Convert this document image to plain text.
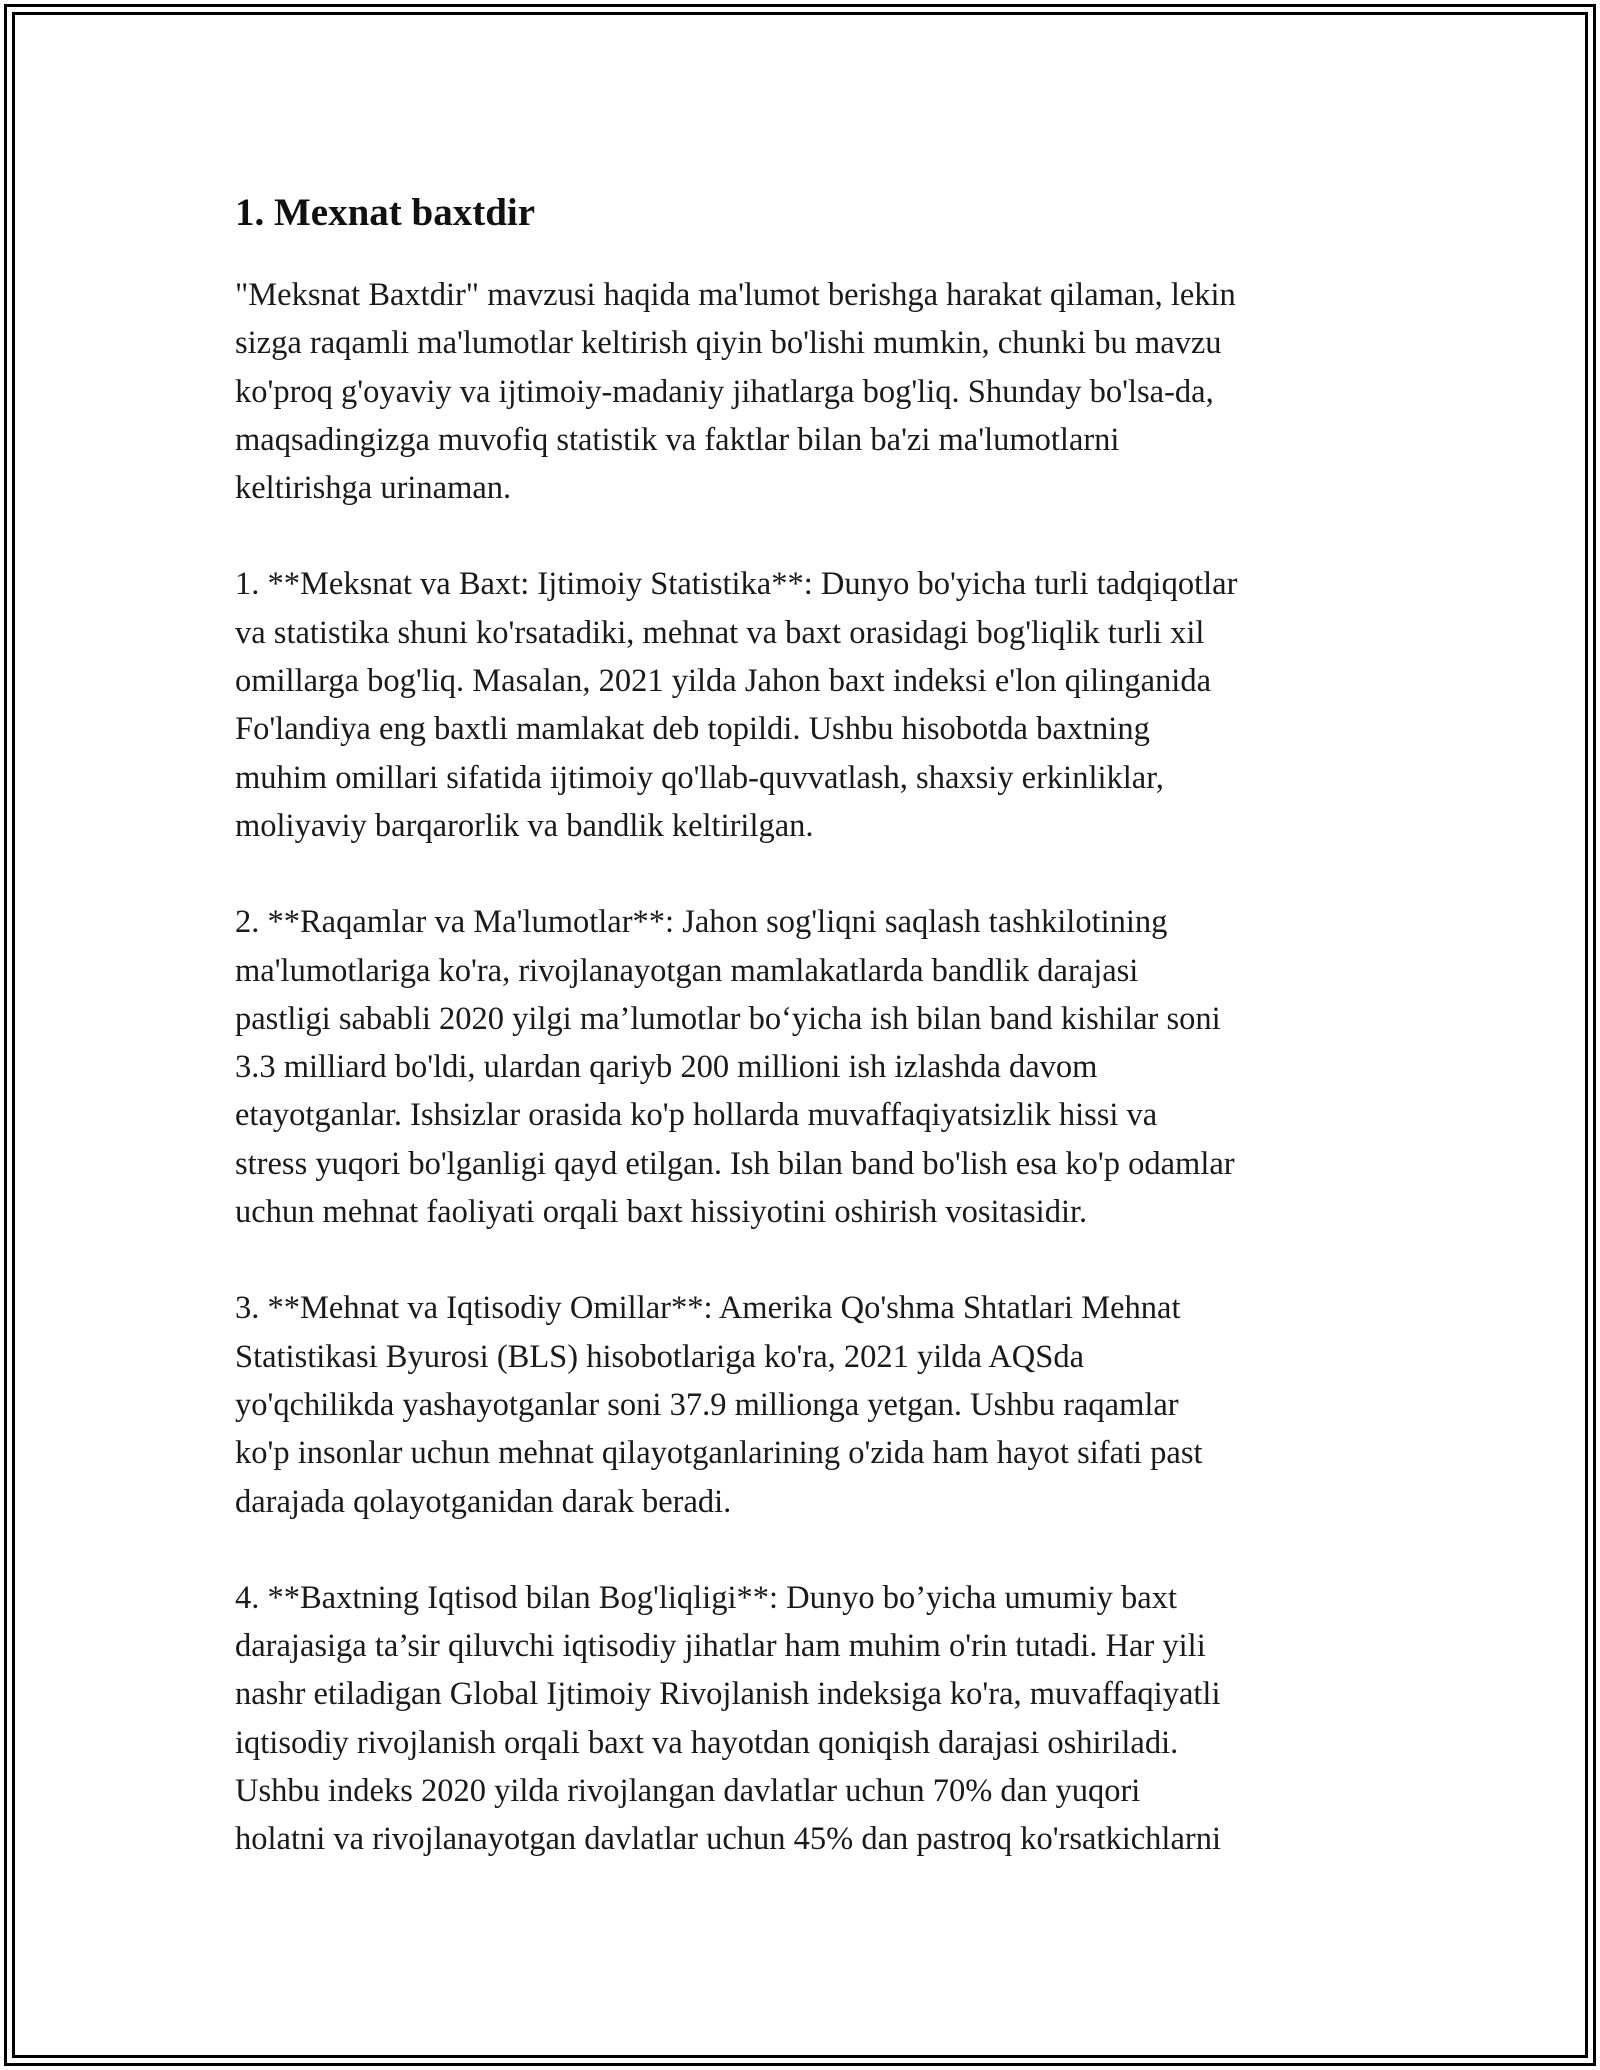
1. Mexnat baxtdir

"Meksnat Baxtdir" mavzusi haqida ma'lumot berishga harakat qilaman, lekin
sizga raqamli ma'lumotlar keltirish qiyin bo'lishi mumkin, chunki bu mavzu
ko'proq g'oyaviy va ijtimoiy-madaniy jihatlarga bog'liq. Shunday bo'lsa-da,
maqsadingizga muvofiq statistik va faktlar bilan ba'zi ma'lumotlarni
keltirishga urinaman.

1. **Meksnat va Baxt: Ijtimoiy Statistika**: Dunyo bo'yicha turli tadqiqotlar
va statistika shuni ko'rsatadiki, mehnat va baxt orasidagi bog'liqlik turli xil
omillarga bog'liq. Masalan, 2021 yilda Jahon baxt indeksi e'lon qilinganida
Fo'landiya eng baxtli mamlakat deb topildi. Ushbu hisobotda baxtning
muhim omillari sifatida ijtimoiy qo'llab-quvvatlash, shaxsiy erkinliklar,
moliyaviy barqarorlik va bandlik keltirilgan.

2. **Raqamlar va Ma'lumotlar**: Jahon sog'liqni saqlash tashkilotining
ma'lumotlariga ko'ra, rivojlanayotgan mamlakatlarda bandlik darajasi
pastligi sababli 2020 yilgi ma’lumotlar bo‘yicha ish bilan band kishilar soni
3.3 milliard bo'ldi, ulardan qariyb 200 millioni ish izlashda davom
etayotganlar. Ishsizlar orasida ko'p hollarda muvaffaqiyatsizlik hissi va
stress yuqori bo'lganligi qayd etilgan. Ish bilan band bo'lish esa ko'p odamlar
uchun mehnat faoliyati orqali baxt hissiyotini oshirish vositasidir.

3. **Mehnat va Iqtisodiy Omillar**: Amerika Qo'shma Shtatlari Mehnat
Statistikasi Byurosi (BLS) hisobotlariga ko'ra, 2021 yilda AQSda
yo'qchilikda yashayotganlar soni 37.9 millionga yetgan. Ushbu raqamlar
ko'p insonlar uchun mehnat qilayotganlarining o'zida ham hayot sifati past
darajada qolayotganidan darak beradi.

4. **Baxtning Iqtisod bilan Bog'liqligi**: Dunyo bo’yicha umumiy baxt
darajasiga ta’sir qiluvchi iqtisodiy jihatlar ham muhim o'rin tutadi. Har yili
nashr etiladigan Global Ijtimoiy Rivojlanish indeksiga ko'ra, muvaffaqiyatli
iqtisodiy rivojlanish orqali baxt va hayotdan qoniqish darajasi oshiriladi.
Ushbu indeks 2020 yilda rivojlangan davlatlar uchun 70% dan yuqori
holatni va rivojlanayotgan davlatlar uchun 45% dan pastroq ko'rsatkichlarni
